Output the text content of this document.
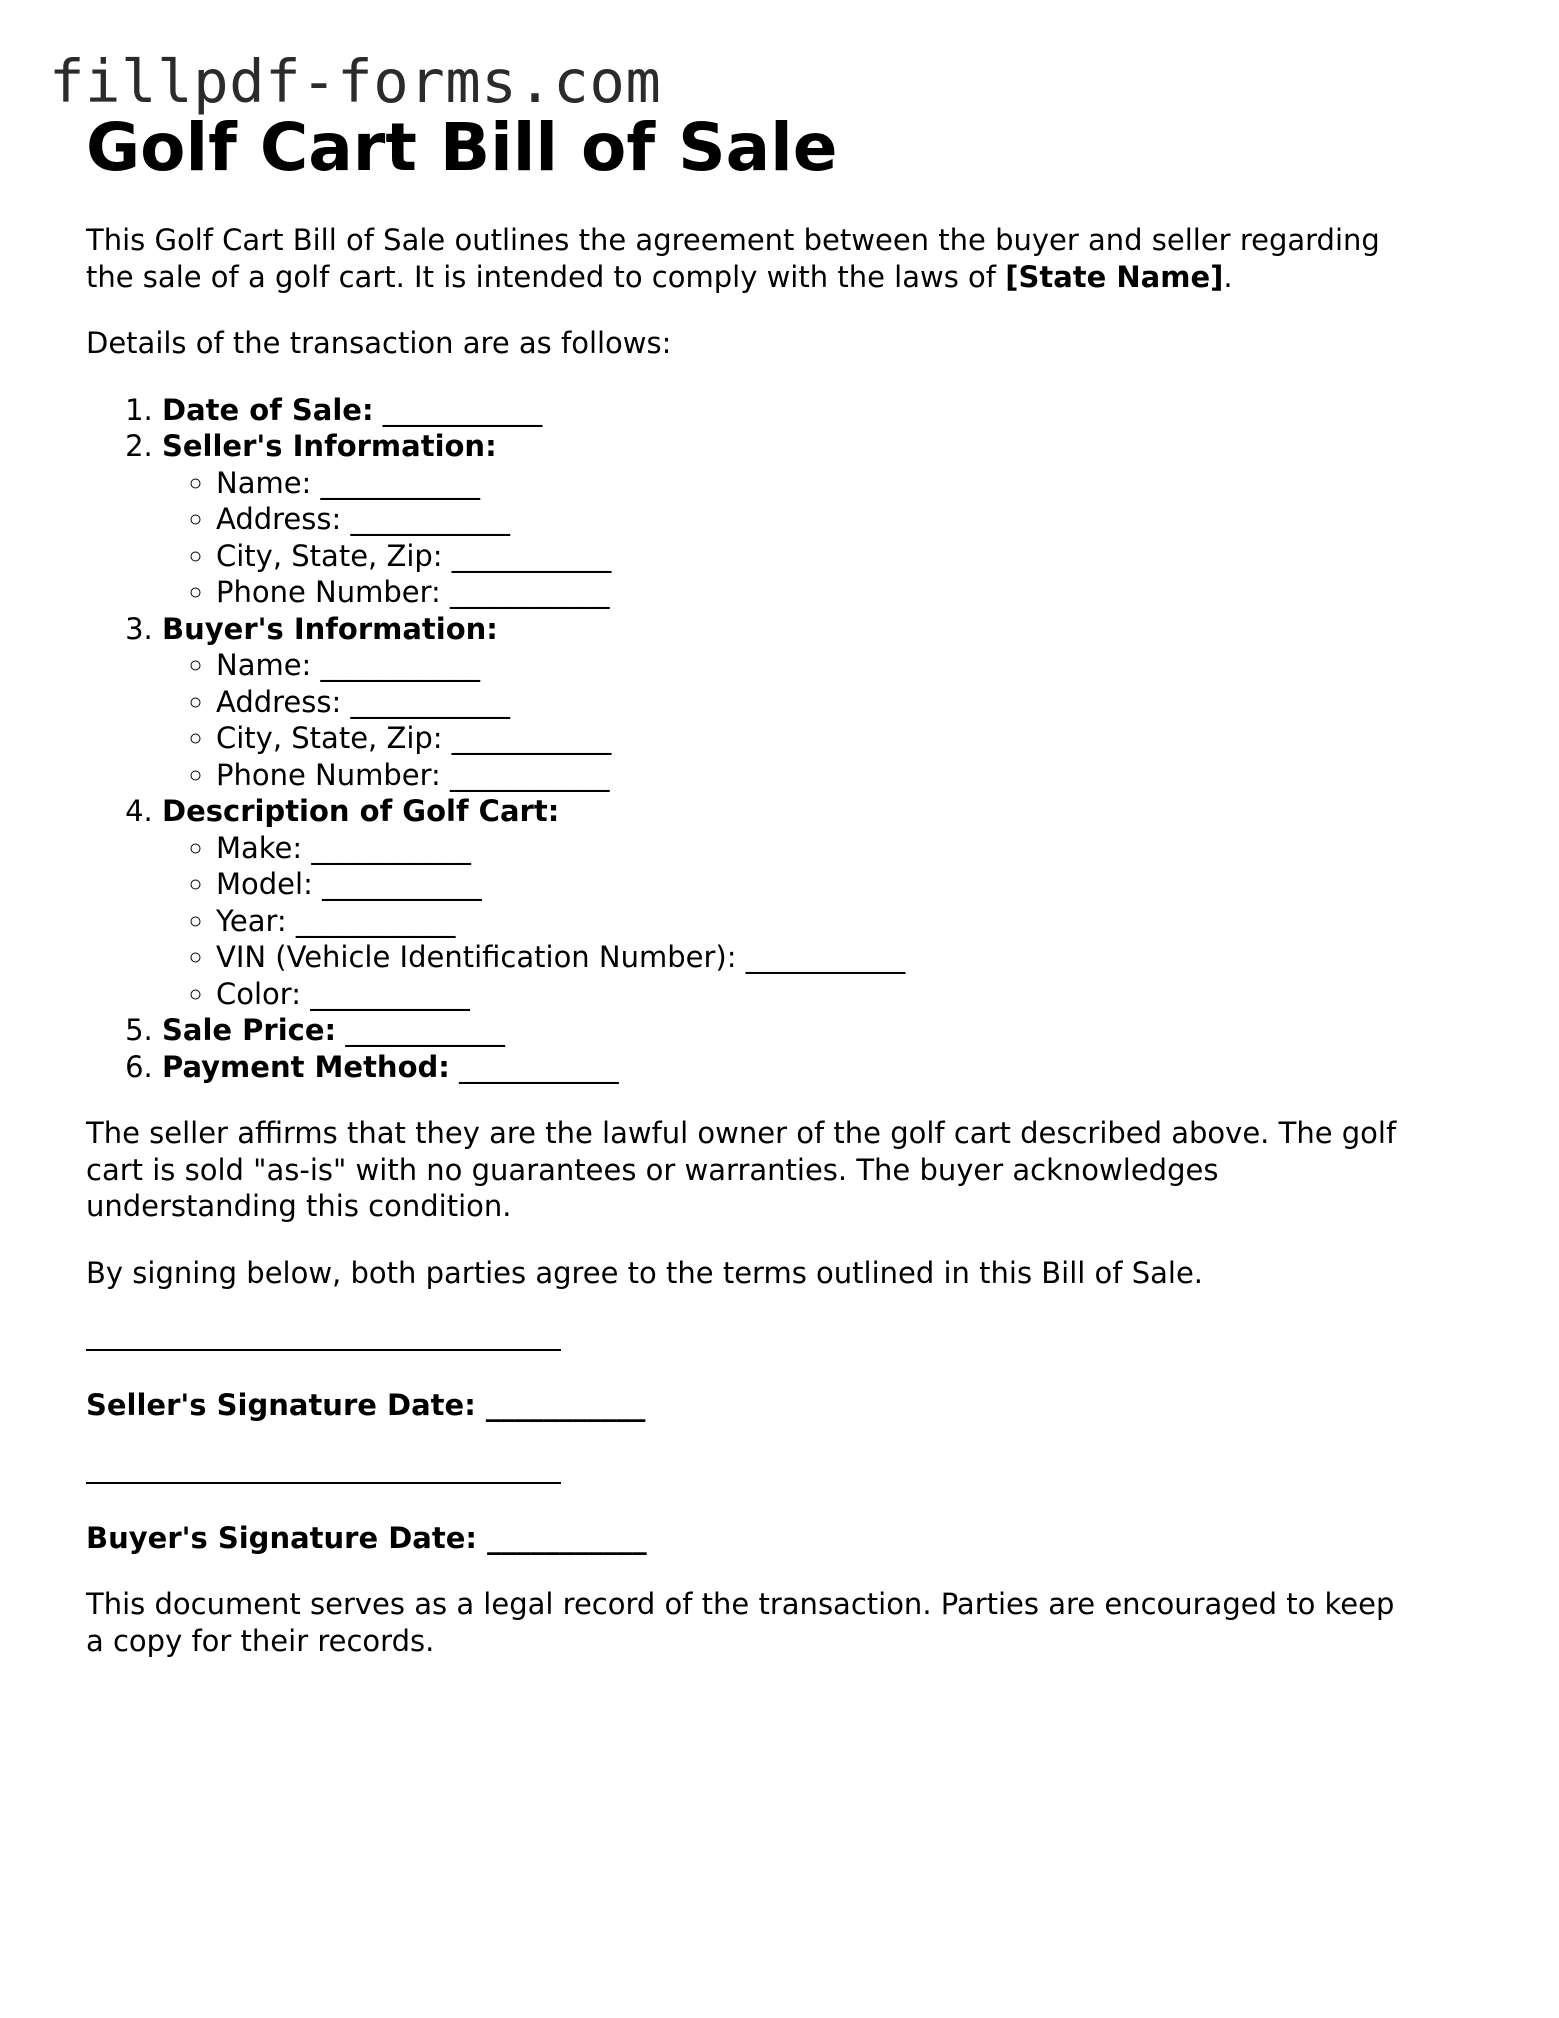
fillpdf-forms.com
Golf Cart Bill of Sale

This Golf Cart Bill of Sale outlines the agreement between the buyer and seller regarding
the sale of a golf cart. It is intended to comply with the laws of [State Name].

Details of the transaction are as follows:

1. Date of Sale: ___________
2. Seller's Information:
◦ Name: ___________
◦ Address: ___________
◦ City, State, Zip: ___________
◦ Phone Number: ___________
3. Buyer's Information:
◦ Name: ___________
◦ Address: ___________
◦ City, State, Zip: ___________
◦ Phone Number: ___________
4. Description of Golf Cart:
◦ Make: ___________
◦ Model: ___________
◦ Year: ___________
◦ VIN (Vehicle Identification Number): ___________
◦ Color: ___________
5. Sale Price: ___________
6. Payment Method: ___________

The seller affirms that they are the lawful owner of the golf cart described above. The golf
cart is sold "as-is" with no guarantees or warranties. The buyer acknowledges
understanding this condition.

By signing below, both parties agree to the terms outlined in this Bill of Sale.

Seller's Signature Date: ___________
Buyer's Signature Date: ___________

This document serves as a legal record of the transaction. Parties are encouraged to keep
a copy for their records.
